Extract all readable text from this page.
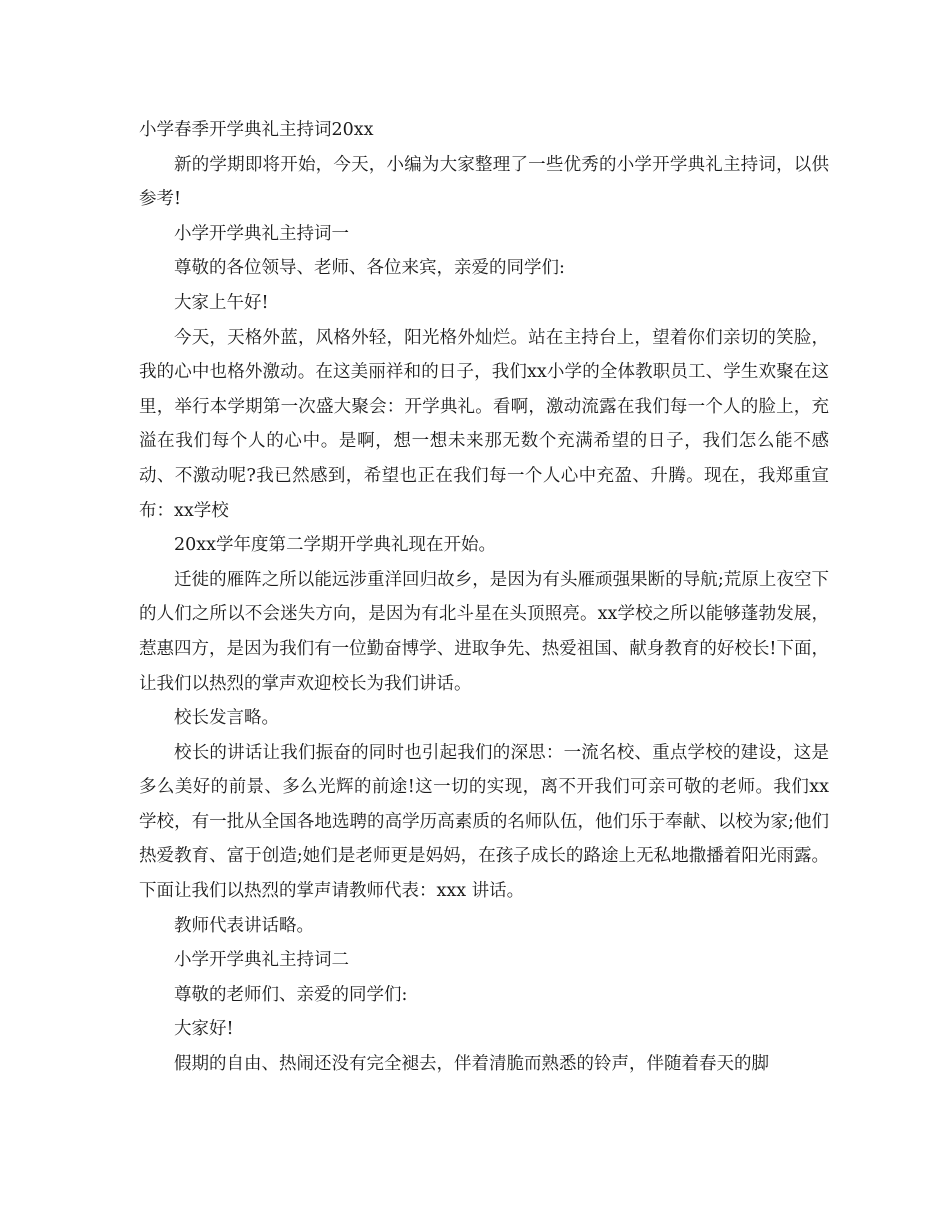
小学春季开学典礼主持词20xx

新的学期即将开始，今天，小编为大家整理了一些优秀的小学开学典礼主持词，以供参考!

小学开学典礼主持词一

尊敬的各位领导、老师、各位来宾，亲爱的同学们:

大家上午好!

今天，天格外蓝，风格外轻，阳光格外灿烂。站在主持台上，望着你们亲切的笑脸，我的心中也格外激动。在这美丽祥和的日子，我们xx小学的全体教职员工、学生欢聚在这里，举行本学期第一次盛大聚会：开学典礼。看啊，激动流露在我们每一个人的脸上，充溢在我们每个人的心中。是啊，想一想未来那无数个充满希望的日子，我们怎么能不感动、不激动呢?我已然感到，希望也正在我们每一个人心中充盈、升腾。现在，我郑重宣布：xx学校

20xx学年度第二学期开学典礼现在开始。

迁徙的雁阵之所以能远涉重洋回归故乡，是因为有头雁顽强果断的导航;荒原上夜空下的人们之所以不会迷失方向，是因为有北斗星在头顶照亮。xx学校之所以能够蓬勃发展，惹惠四方，是因为我们有一位勤奋博学、进取争先、热爱祖国、献身教育的好校长!下面，让我们以热烈的掌声欢迎校长为我们讲话。

校长发言略。

校长的讲话让我们振奋的同时也引起我们的深思：一流名校、重点学校的建设，这是多么美好的前景、多么光辉的前途!这一切的实现，离不开我们可亲可敬的老师。我们xx学校，有一批从全国各地选聘的高学历高素质的名师队伍，他们乐于奉献、以校为家;他们热爱教育、富于创造;她们是老师更是妈妈，在孩子成长的路途上无私地撒播着阳光雨露。下面让我们以热烈的掌声请教师代表：xxx 讲话。

教师代表讲话略。

小学开学典礼主持词二

尊敬的老师们、亲爱的同学们:

大家好!

假期的自由、热闹还没有完全褪去，伴着清脆而熟悉的铃声，伴随着春天的脚
